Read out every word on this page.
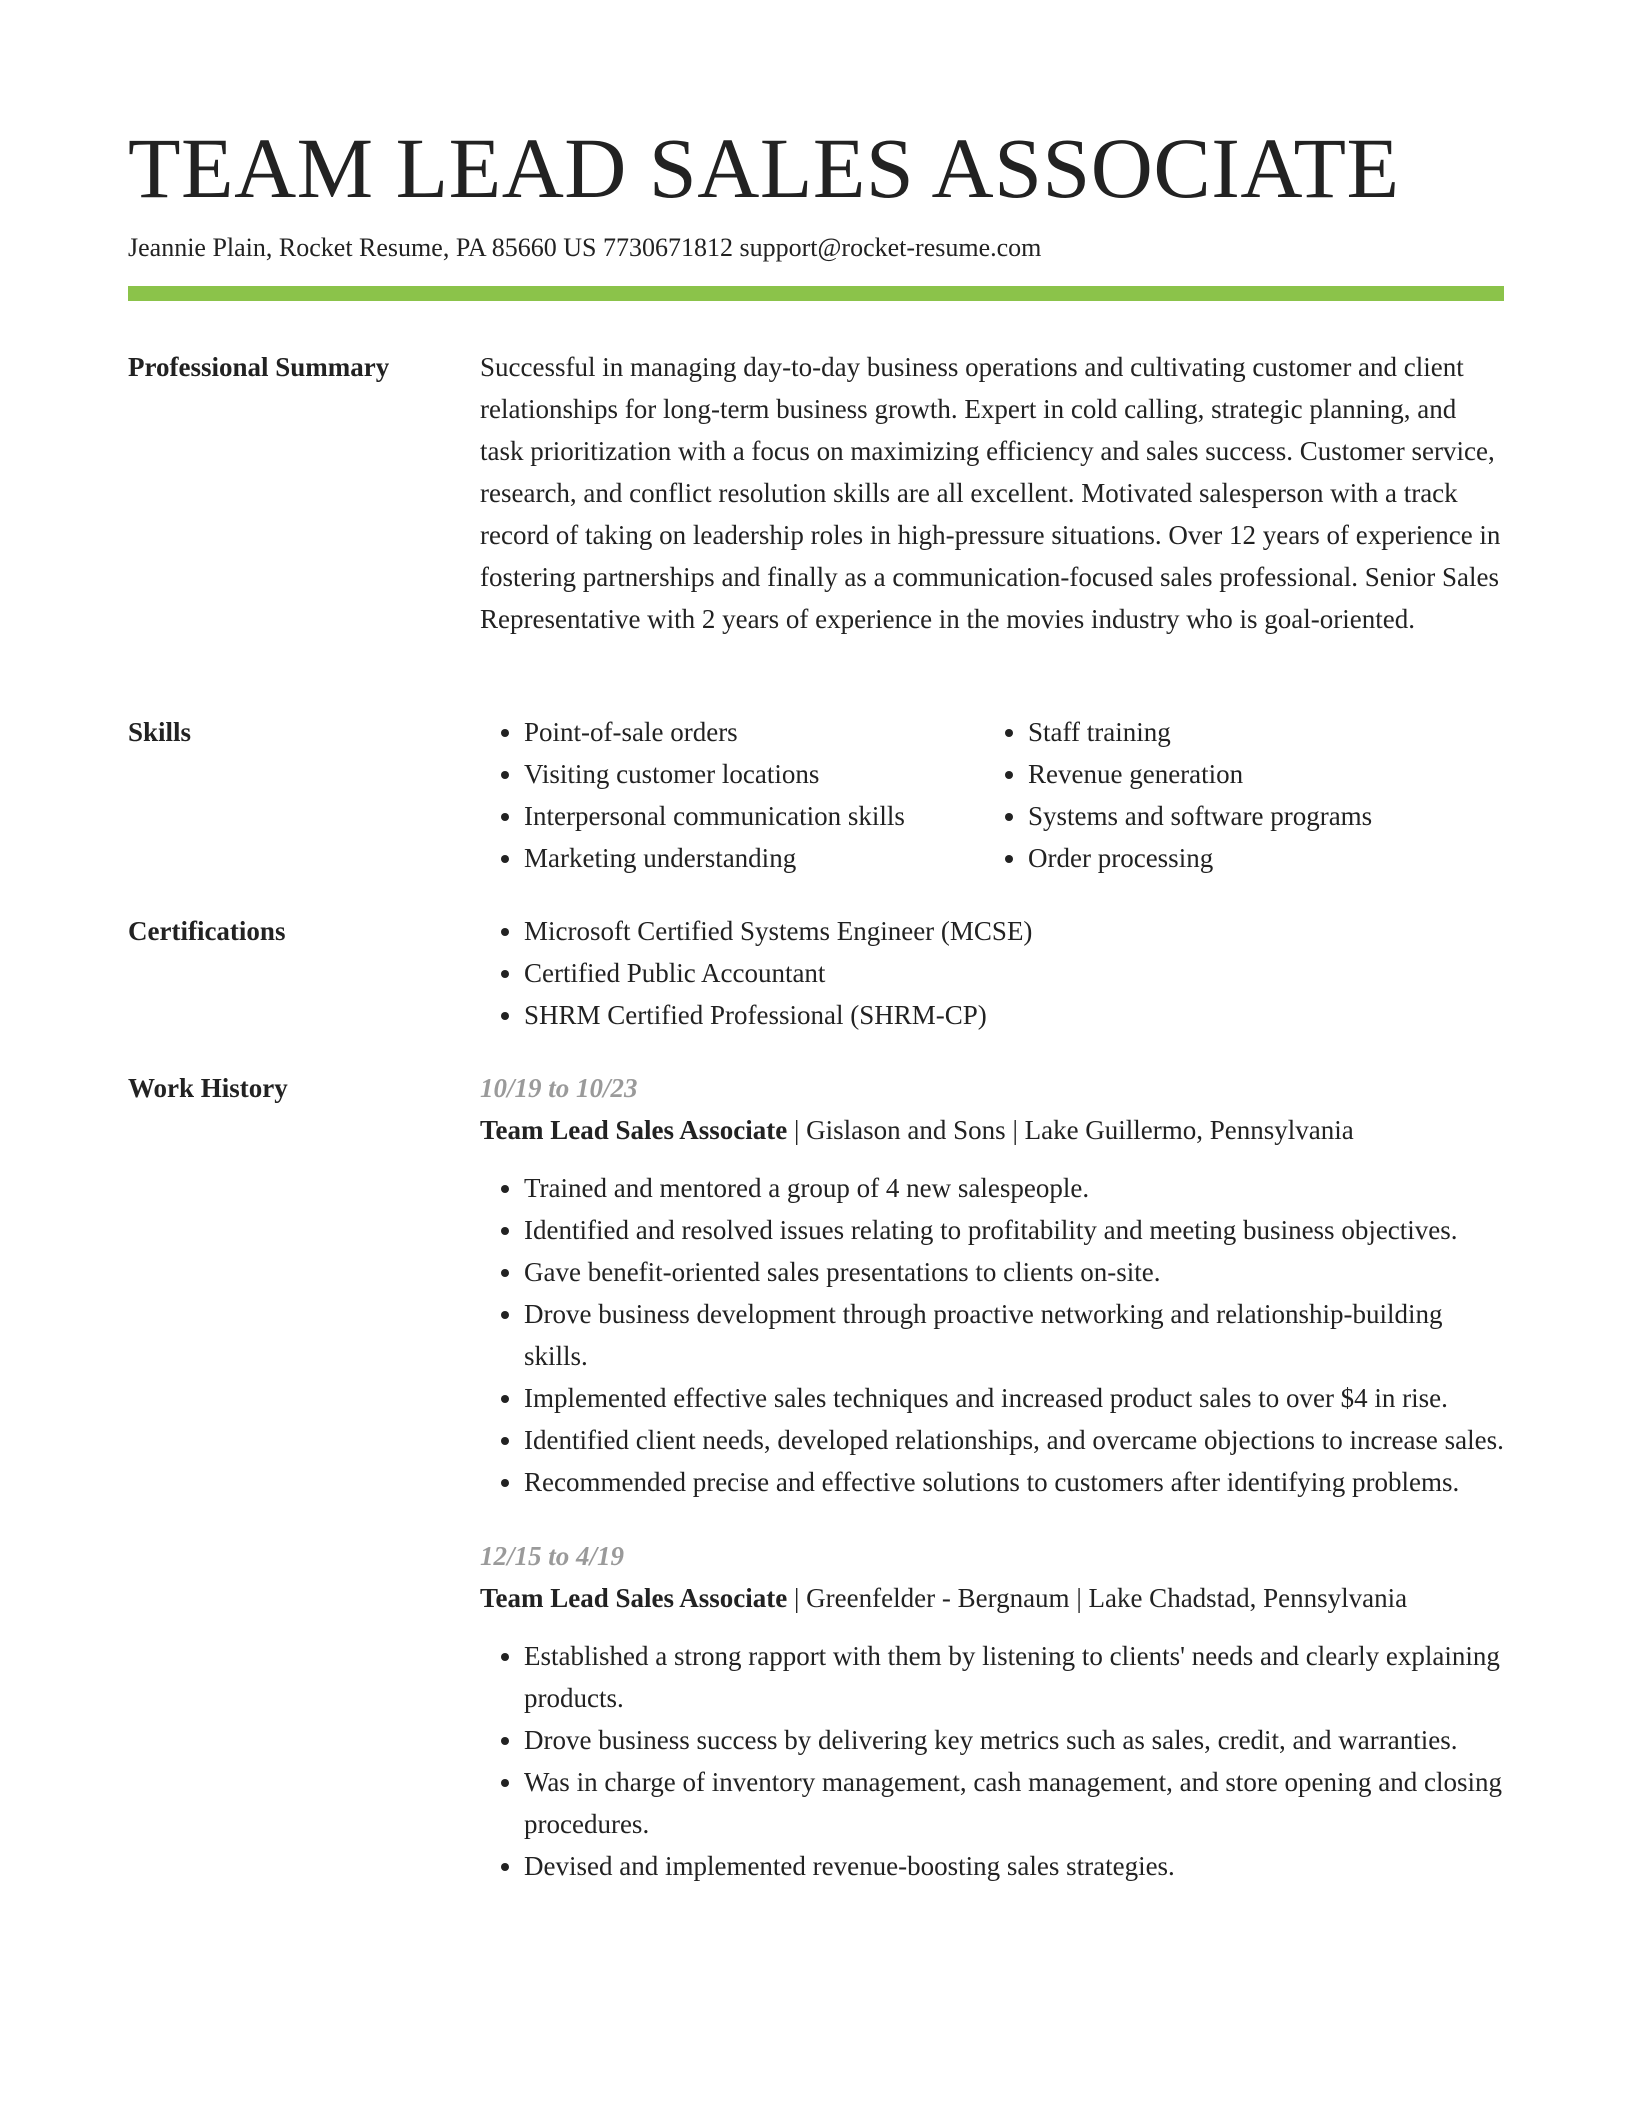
TEAM LEAD SALES ASSOCIATE
Jeannie Plain, Rocket Resume, PA 85660 US 7730671812 support@rocket-resume.com
Professional Summary	Successful in managing day-to-day business operations and cultivating customer and client relationships for long-term business growth. Expert in cold calling, strategic planning, and task prioritization with a focus on maximizing efficiency and sales success. Customer service, research, and conflict resolution skills are all excellent. Motivated salesperson with a track record of taking on leadership roles in high-pressure situations. Over 12 years of experience in fostering partnerships and finally as a communication-focused sales professional. Senior Sales Representative with 2 years of experience in the movies industry who is goal-oriented.

Skills	• Point-of-sale orders
• Visiting customer locations
• Interpersonal communication skills
• Marketing understanding
• Staff training
• Revenue generation
• Systems and software programs
• Order processing
Certifications	• Microsoft Certified Systems Engineer (MCSE)
• Certified Public Accountant
• SHRM Certified Professional (SHRM-CP)
Work History	10/19 to 10/23
Team Lead Sales Associate | Gislason and Sons | Lake Guillermo, Pennsylvania
• Trained and mentored a group of 4 new salespeople.
• Identified and resolved issues relating to profitability and meeting business objectives.
• Gave benefit-oriented sales presentations to clients on-site.
• Drove business development through proactive networking and relationship-building skills.
• Implemented effective sales techniques and increased product sales to over $4 in rise.
• Identified client needs, developed relationships, and overcame objections to increase sales.
• Recommended precise and effective solutions to customers after identifying problems.
12/15 to 4/19
Team Lead Sales Associate | Greenfelder - Bergnaum | Lake Chadstad, Pennsylvania
• Established a strong rapport with them by listening to clients' needs and clearly explaining products.
• Drove business success by delivering key metrics such as sales, credit, and warranties.
• Was in charge of inventory management, cash management, and store opening and closing procedures.
• Devised and implemented revenue-boosting sales strategies.
